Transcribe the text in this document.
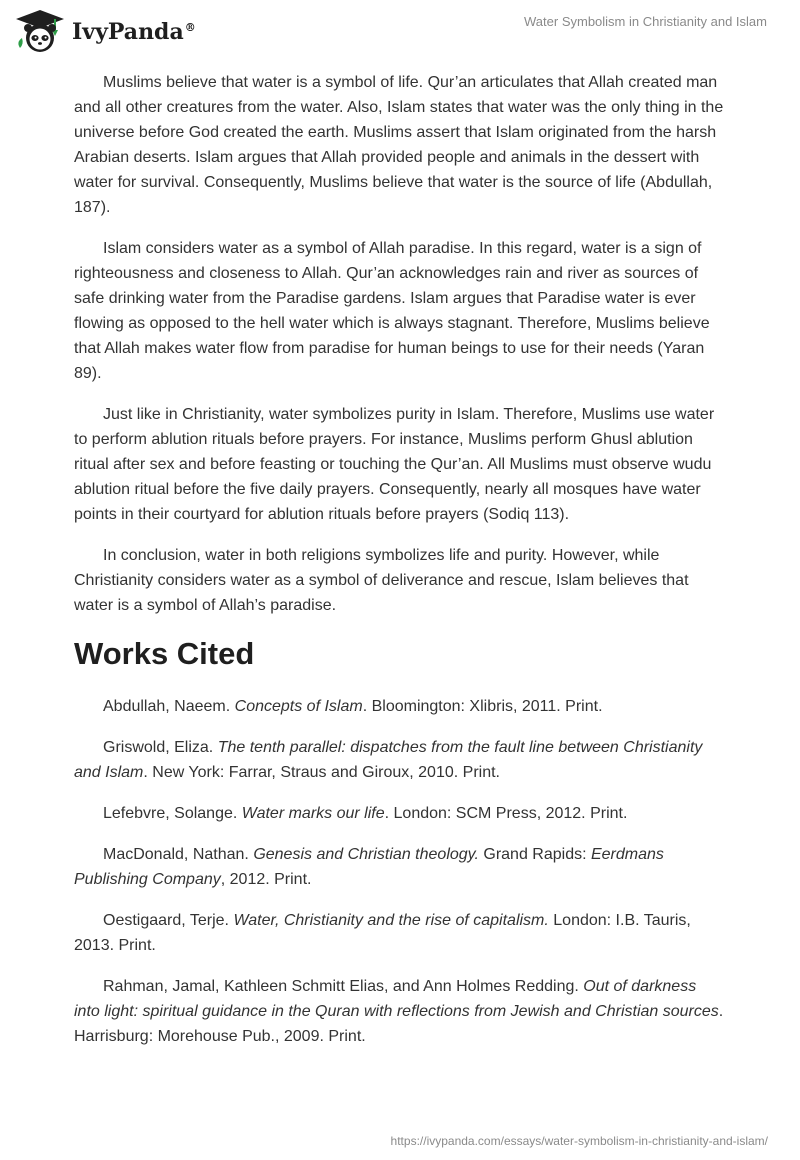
IvyPanda®	Water Symbolism in Christianity and Islam

Muslims believe that water is a symbol of life. Qur’an articulates that Allah created man and all other creatures from the water. Also, Islam states that water was the only thing in the universe before God created the earth. Muslims assert that Islam originated from the harsh Arabian deserts. Islam argues that Allah provided people and animals in the dessert with water for survival. Consequently, Muslims believe that water is the source of life (Abdullah, 187).

Islam considers water as a symbol of Allah paradise. In this regard, water is a sign of righteousness and closeness to Allah. Qur’an acknowledges rain and river as sources of safe drinking water from the Paradise gardens. Islam argues that Paradise water is ever flowing as opposed to the hell water which is always stagnant. Therefore, Muslims believe that Allah makes water flow from paradise for human beings to use for their needs (Yaran 89).

Just like in Christianity, water symbolizes purity in Islam. Therefore, Muslims use water to perform ablution rituals before prayers. For instance, Muslims perform Ghusl ablution ritual after sex and before feasting or touching the Qur’an. All Muslims must observe wudu ablution ritual before the five daily prayers. Consequently, nearly all mosques have water points in their courtyard for ablution rituals before prayers (Sodiq 113).

In conclusion, water in both religions symbolizes life and purity. However, while Christianity considers water as a symbol of deliverance and rescue, Islam believes that water is a symbol of Allah’s paradise.

Works Cited

Abdullah, Naeem. Concepts of Islam. Bloomington: Xlibris, 2011. Print.

Griswold, Eliza. The tenth parallel: dispatches from the fault line between Christianity and Islam. New York: Farrar, Straus and Giroux, 2010. Print.

Lefebvre, Solange. Water marks our life. London: SCM Press, 2012. Print.

MacDonald, Nathan. Genesis and Christian theology. Grand Rapids: Eerdmans Publishing Company, 2012. Print.

Oestigaard, Terje. Water, Christianity and the rise of capitalism. London: I.B. Tauris, 2013. Print.

Rahman, Jamal, Kathleen Schmitt Elias, and Ann Holmes Redding. Out of darkness into light: spiritual guidance in the Quran with reflections from Jewish and Christian sources. Harrisburg: Morehouse Pub., 2009. Print.

https://ivypanda.com/essays/water-symbolism-in-christianity-and-islam/
